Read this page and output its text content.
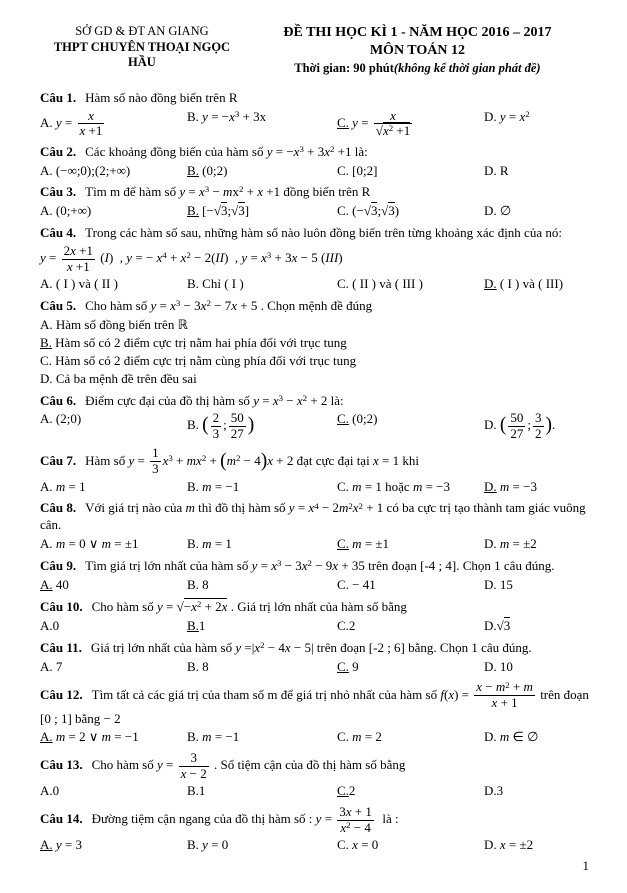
SỞ GD & ĐT AN GIANG
THPT CHUYÊN THOẠI NGỌC HẦU
ĐỀ THI HỌC KÌ 1 - NĂM HỌC 2016 – 2017
MÔN TOÁN 12
Thời gian: 90 phút(không kể thời gian phát đề)
Câu 1. Hàm số nào đồng biến trên R
A. $y = \frac{x}{x +1}$	B. $y = -x^3 + 3x$	C. $y = \frac{x}{√x^2 +1}$	D. $y = x^2$
Câu 2. Các khoảng đồng biến của hàm số $y = -x^3 + 3x^2 +1$ là:
A. (−∞;0);(2;+∞)	B. (0;2)	C. [0;2]	D. R
Câu 3. Tìm m để hàm số $y = x^3 - mx^2 + x +1$ đồng biến trên R
A. (0;+∞)	B. [−√3;√3]	C. (−√3;√3)	D. ∅
Câu 4. Trong các hàm số sau, những hàm số nào luôn đồng biến trên từng khoảng xác định của nó:
$y = \frac{2x +1}{x +1} (I)$  , y = − $x^4 + x^2 - 2(II)$  , $y = x^3 + 3x - 5$ (III)
A. ( I ) và ( II )	B. Chỉ ( I )	C. ( II ) và ( III )	D. ( I ) và ( III)
Câu 5. Cho hàm số $y = x^3 - 3x^2 - 7x + 5$ . Chọn mệnh đề đúng
A. Hàm số đồng biến trên ℝ
B. Hàm số có 2 điểm cực trị nằm hai phía đối với trục tung
C. Hàm số có 2 điểm cực trị nằm cùng phía đối với trục tung
D. Cả ba mệnh đề trên đều sai
Câu 6. Điểm cực đại của đồ thị hàm số $y = x^3 - x^2 + 2$ là:
A. (2;0)	B. ( $\frac{2}{3}$ ; $\frac{50}{27}$ )	C. (0;2)	D. ( $\frac{50}{27}$ ; $\frac{3}{2}$ ).
Câu 7. Hàm số $y = \frac{1}{3} x^3 + mx^2 + (m^2 - 4)x + 2$ đạt cực đại tại x = 1 khi
A. m = 1	B. m = −1	C. m = 1 hoặc m = −3	D. m = −3
Câu 8. Với giá trị nào của m thì đồ thị hàm số $y = x^4 - 2m^2x^2 + 1$ có ba cực trị tạo thành tam giác vuông cân.
A. m = 0 ∨ m = ±1	B. m = 1	C. m = ±1	D. m = ±2
Câu 9. Tìm giá trị lớn nhất của hàm số $y = x^3 - 3x^2 - 9x + 35$ trên đoạn [-4 ; 4]. Chọn 1 câu đúng.
A. 40	B. 8	C. − 41	D. 15
Câu 10. Cho hàm số $y = √-x^2 + 2x$ . Giá trị lớn nhất của hàm số bằng
A.0	B.1	C.2	D.√3
Câu 11. Giá trị lớn nhất của hàm số $y =|x^2 - 4x - 5|$ trên đoạn [-2 ; 6] bằng. Chọn 1 câu đúng.
A. 7	B. 8	C. 9	D. 10
Câu 12. Tìm tất cả các giá trị của tham số m để giá trị nhỏ nhất của hàm số $f(x) = \frac{x - m^2 + m}{x + 1}$ trên đoạn [0 ; 1] bằng − 2
A. m = 2 ∨ m = −1	B. m = −1	C. m = 2	D. m ∈ ∅
Câu 13. Cho hàm số $y = \frac{3}{x - 2}$ . Số tiệm cận của đồ thị hàm số bằng
A.0	B.1	C.2	D.3
Câu 14. Đường tiệm cận ngang của đồ thị hàm số : $y = \frac{3x + 1}{x^2 - 4}$ là :
A. y = 3	B. y = 0	C. x = 0	D. x = ±2
1
